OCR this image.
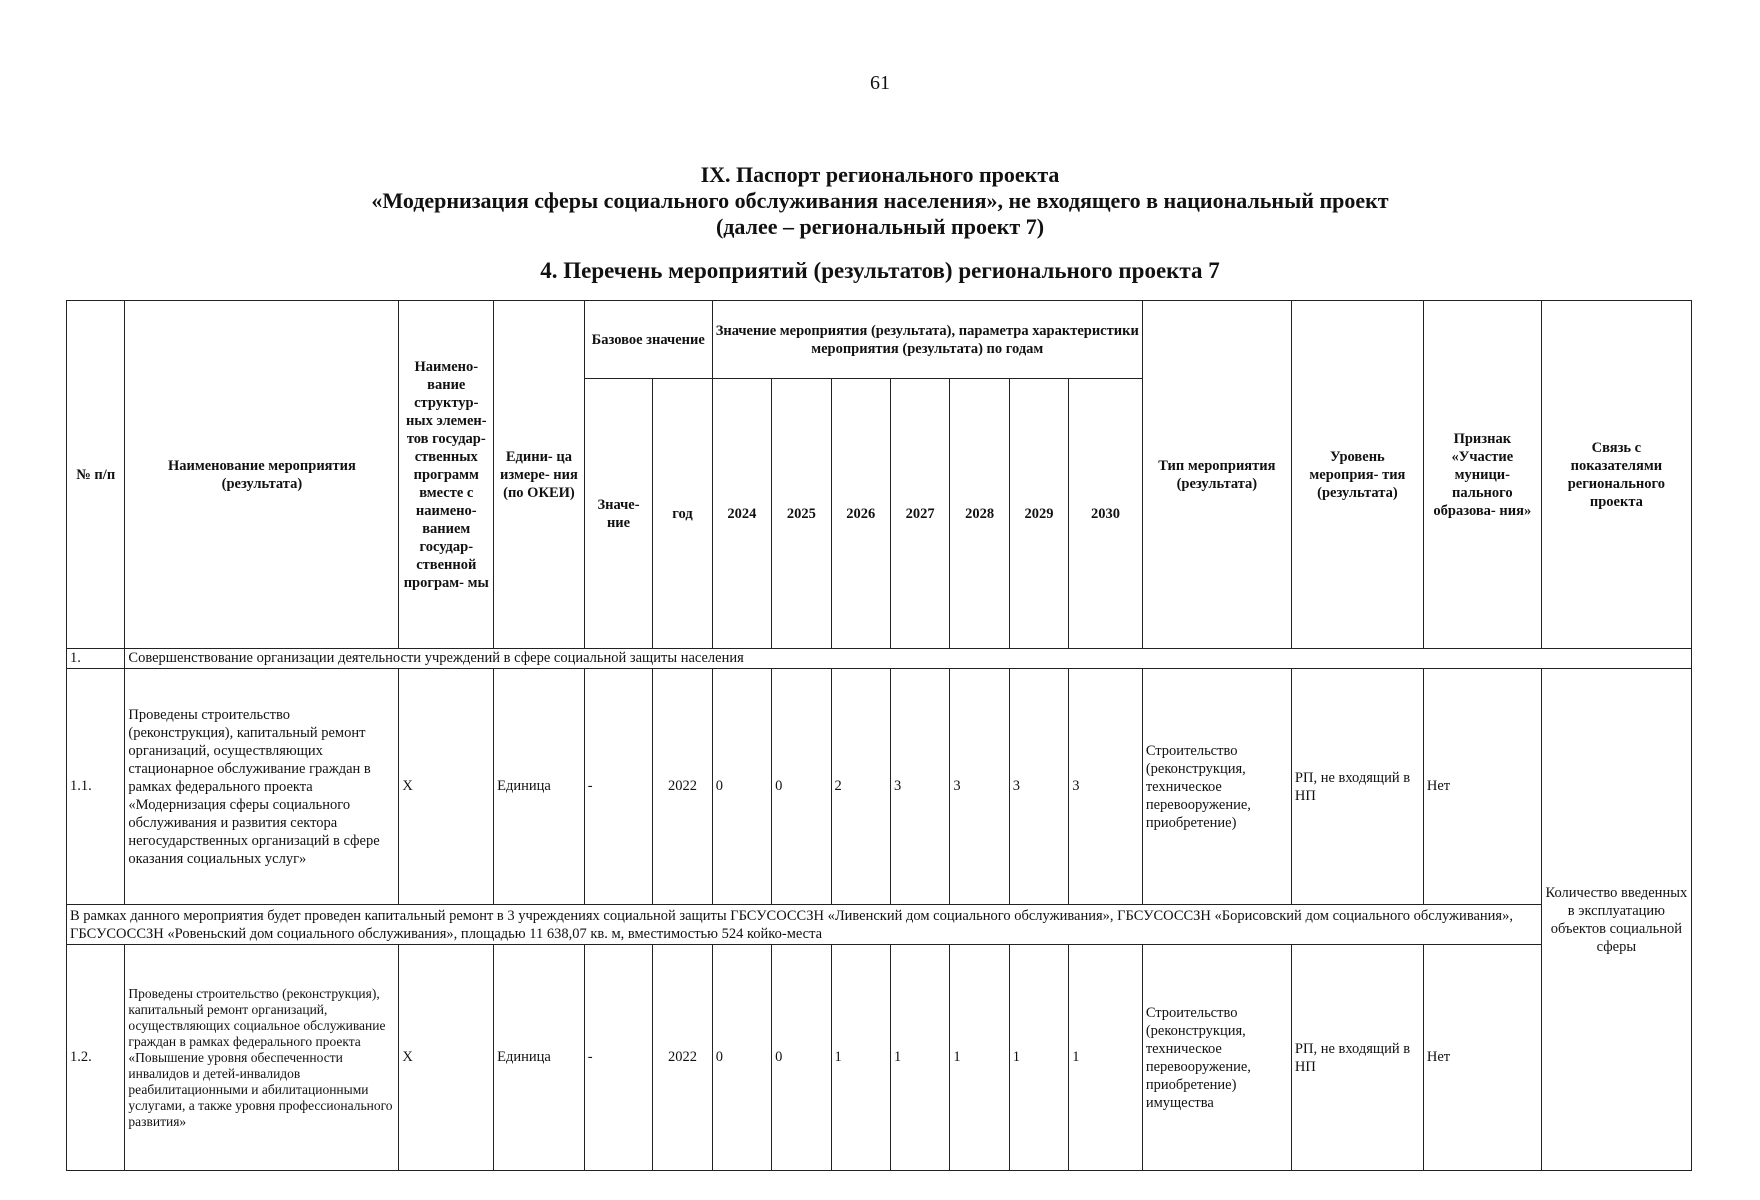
61
IX. Паспорт регионального проекта
«Модернизация сферы социального обслуживания населения», не входящего в национальный проект
(далее – региональный проект 7)
4. Перечень мероприятий (результатов) регионального проекта 7
№ п/п	Наименование мероприятия (результата)	Наимено- вание структур- ных элемен- тов государ- ственных программ вместе с наимено- ванием государ- ственной програм- мы	Едини- ца измере- ния (по ОКЕИ)	Базовое значение		Значение мероприятия (результата), параметра характеристики мероприятия (результата) по годам							Тип мероприятия (результата)	Уровень мероприя- тия (результата)	Признак «Участие муници- пального образова- ния»	Связь с показателями регионального проекта
				Значе- ние	год	2024	2025	2026	2027	2028	2029	2030				
1.	Совершенствование организации деятельности учреждений в сфере социальной защиты населения															
1.1.	Проведены строительство (реконструкция), капитальный ремонт организаций, осуществляющих стационарное обслуживание граждан в рамках федерального проекта «Модернизация сферы социального обслуживания и развития сектора негосударственных организаций в сфере оказания социальных услуг»	Х	Единица	-	2022	0	0	2	3	3	3	3	Строительство (реконструкция, техническое перевооружение, приобретение)	РП, не входящий в НП	Нет	Количество введенных в эксплуатацию объектов социальной сферы
В рамках данного мероприятия будет проведен капитальный ремонт в 3 учреждениях социальной защиты ГБСУСОССЗН «Ливенский дом социального обслуживания», ГБСУСОССЗН «Борисовский дом социального обслуживания», ГБСУСОССЗН «Ровеньский дом социального обслуживания», площадью 11 638,07 кв. м, вместимостью 524 койко-места																
1.2.	Проведены строительство (реконструкция), капитальный ремонт организаций, осуществляющих социальное обслуживание граждан в рамках федерального проекта «Повышение уровня обеспеченности инвалидов и детей-инвалидов реабилитационными и абилитационными услугами, а также уровня профессионального развития»	Х	Единица	-	2022	0	0	1	1	1	1	1	Строительство (реконструкция, техническое перевооружение, приобретение) имущества	РП, не входящий в НП	Нет	
